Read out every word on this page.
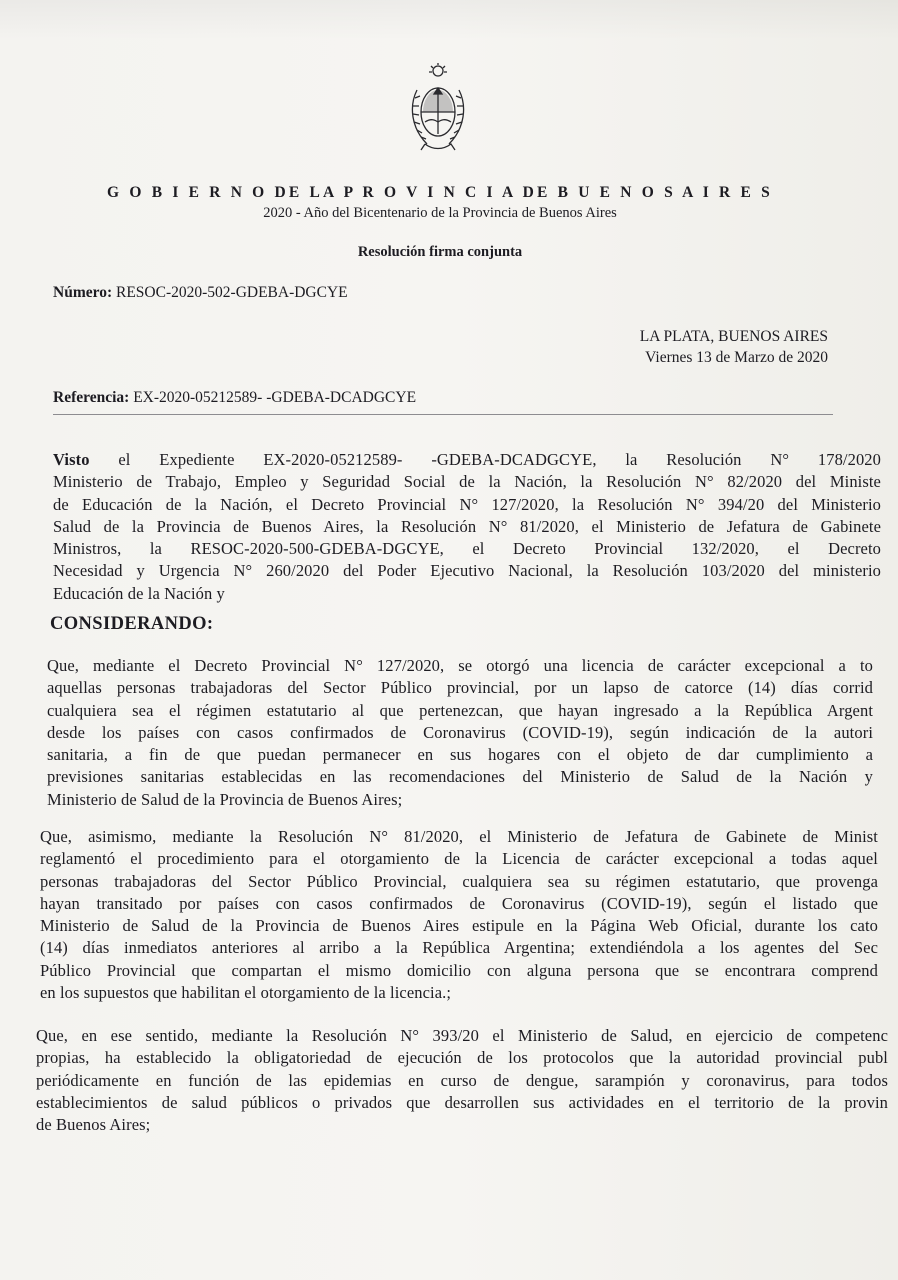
G O B I E R N O DE LA P R O V I N C I A DE B U E N O S A I R E S
2020 - Año del Bicentenario de la Provincia de Buenos Aires
Resolución firma conjunta
Número: RESOC-2020-502-GDEBA-DGCYE
LA PLATA, BUENOS AIRES
Viernes 13 de Marzo de 2020
Referencia: EX-2020-05212589- -GDEBA-DCADGCYE
Visto el Expediente EX-2020-05212589- -GDEBA-DCADGCYE, la Resolución N° 178/2020
Ministerio de Trabajo, Empleo y Seguridad Social de la Nación, la Resolución N° 82/2020 del Ministe
de Educación de la Nación, el Decreto Provincial N° 127/2020, la Resolución N° 394/20 del Ministerio
Salud de la Provincia de Buenos Aires, la Resolución N° 81/2020, el Ministerio de Jefatura de Gabinete
Ministros, la RESOC-2020-500-GDEBA-DGCYE, el Decreto Provincial 132/2020, el Decreto
Necesidad y Urgencia N° 260/2020 del Poder Ejecutivo Nacional, la Resolución 103/2020 del ministerio
Educación de la Nación y
CONSIDERANDO:
Que, mediante el Decreto Provincial N° 127/2020, se otorgó una licencia de carácter excepcional a to
aquellas personas trabajadoras del Sector Público provincial, por un lapso de catorce (14) días corrid
cualquiera sea el régimen estatutario al que pertenezcan, que hayan ingresado a la República Argent
desde los países con casos confirmados de Coronavirus (COVID-19), según indicación de la autori
sanitaria, a fin de que puedan permanecer en sus hogares con el objeto de dar cumplimiento a
previsiones sanitarias establecidas en las recomendaciones del Ministerio de Salud de la Nación y
Ministerio de Salud de la Provincia de Buenos Aires;
Que, asimismo, mediante la Resolución N° 81/2020, el Ministerio de Jefatura de Gabinete de Minist
reglamentó el procedimiento para el otorgamiento de la Licencia de carácter excepcional a todas aquel
personas trabajadoras del Sector Público Provincial, cualquiera sea su régimen estatutario, que provenga
hayan transitado por países con casos confirmados de Coronavirus (COVID-19), según el listado que
Ministerio de Salud de la Provincia de Buenos Aires estipule en la Página Web Oficial, durante los cato
(14) días inmediatos anteriores al arribo a la República Argentina; extendiéndola a los agentes del Sec
Público Provincial que compartan el mismo domicilio con alguna persona que se encontrara comprend
en los supuestos que habilitan el otorgamiento de la licencia.;
Que, en ese sentido, mediante la Resolución N° 393/20 el Ministerio de Salud, en ejercicio de competenc
propias, ha establecido la obligatoriedad de ejecución de los protocolos que la autoridad provincial publ
periódicamente en función de las epidemias en curso de dengue, sarampión y coronavirus, para todos
establecimientos de salud públicos o privados que desarrollen sus actividades en el territorio de la provin
de Buenos Aires;
